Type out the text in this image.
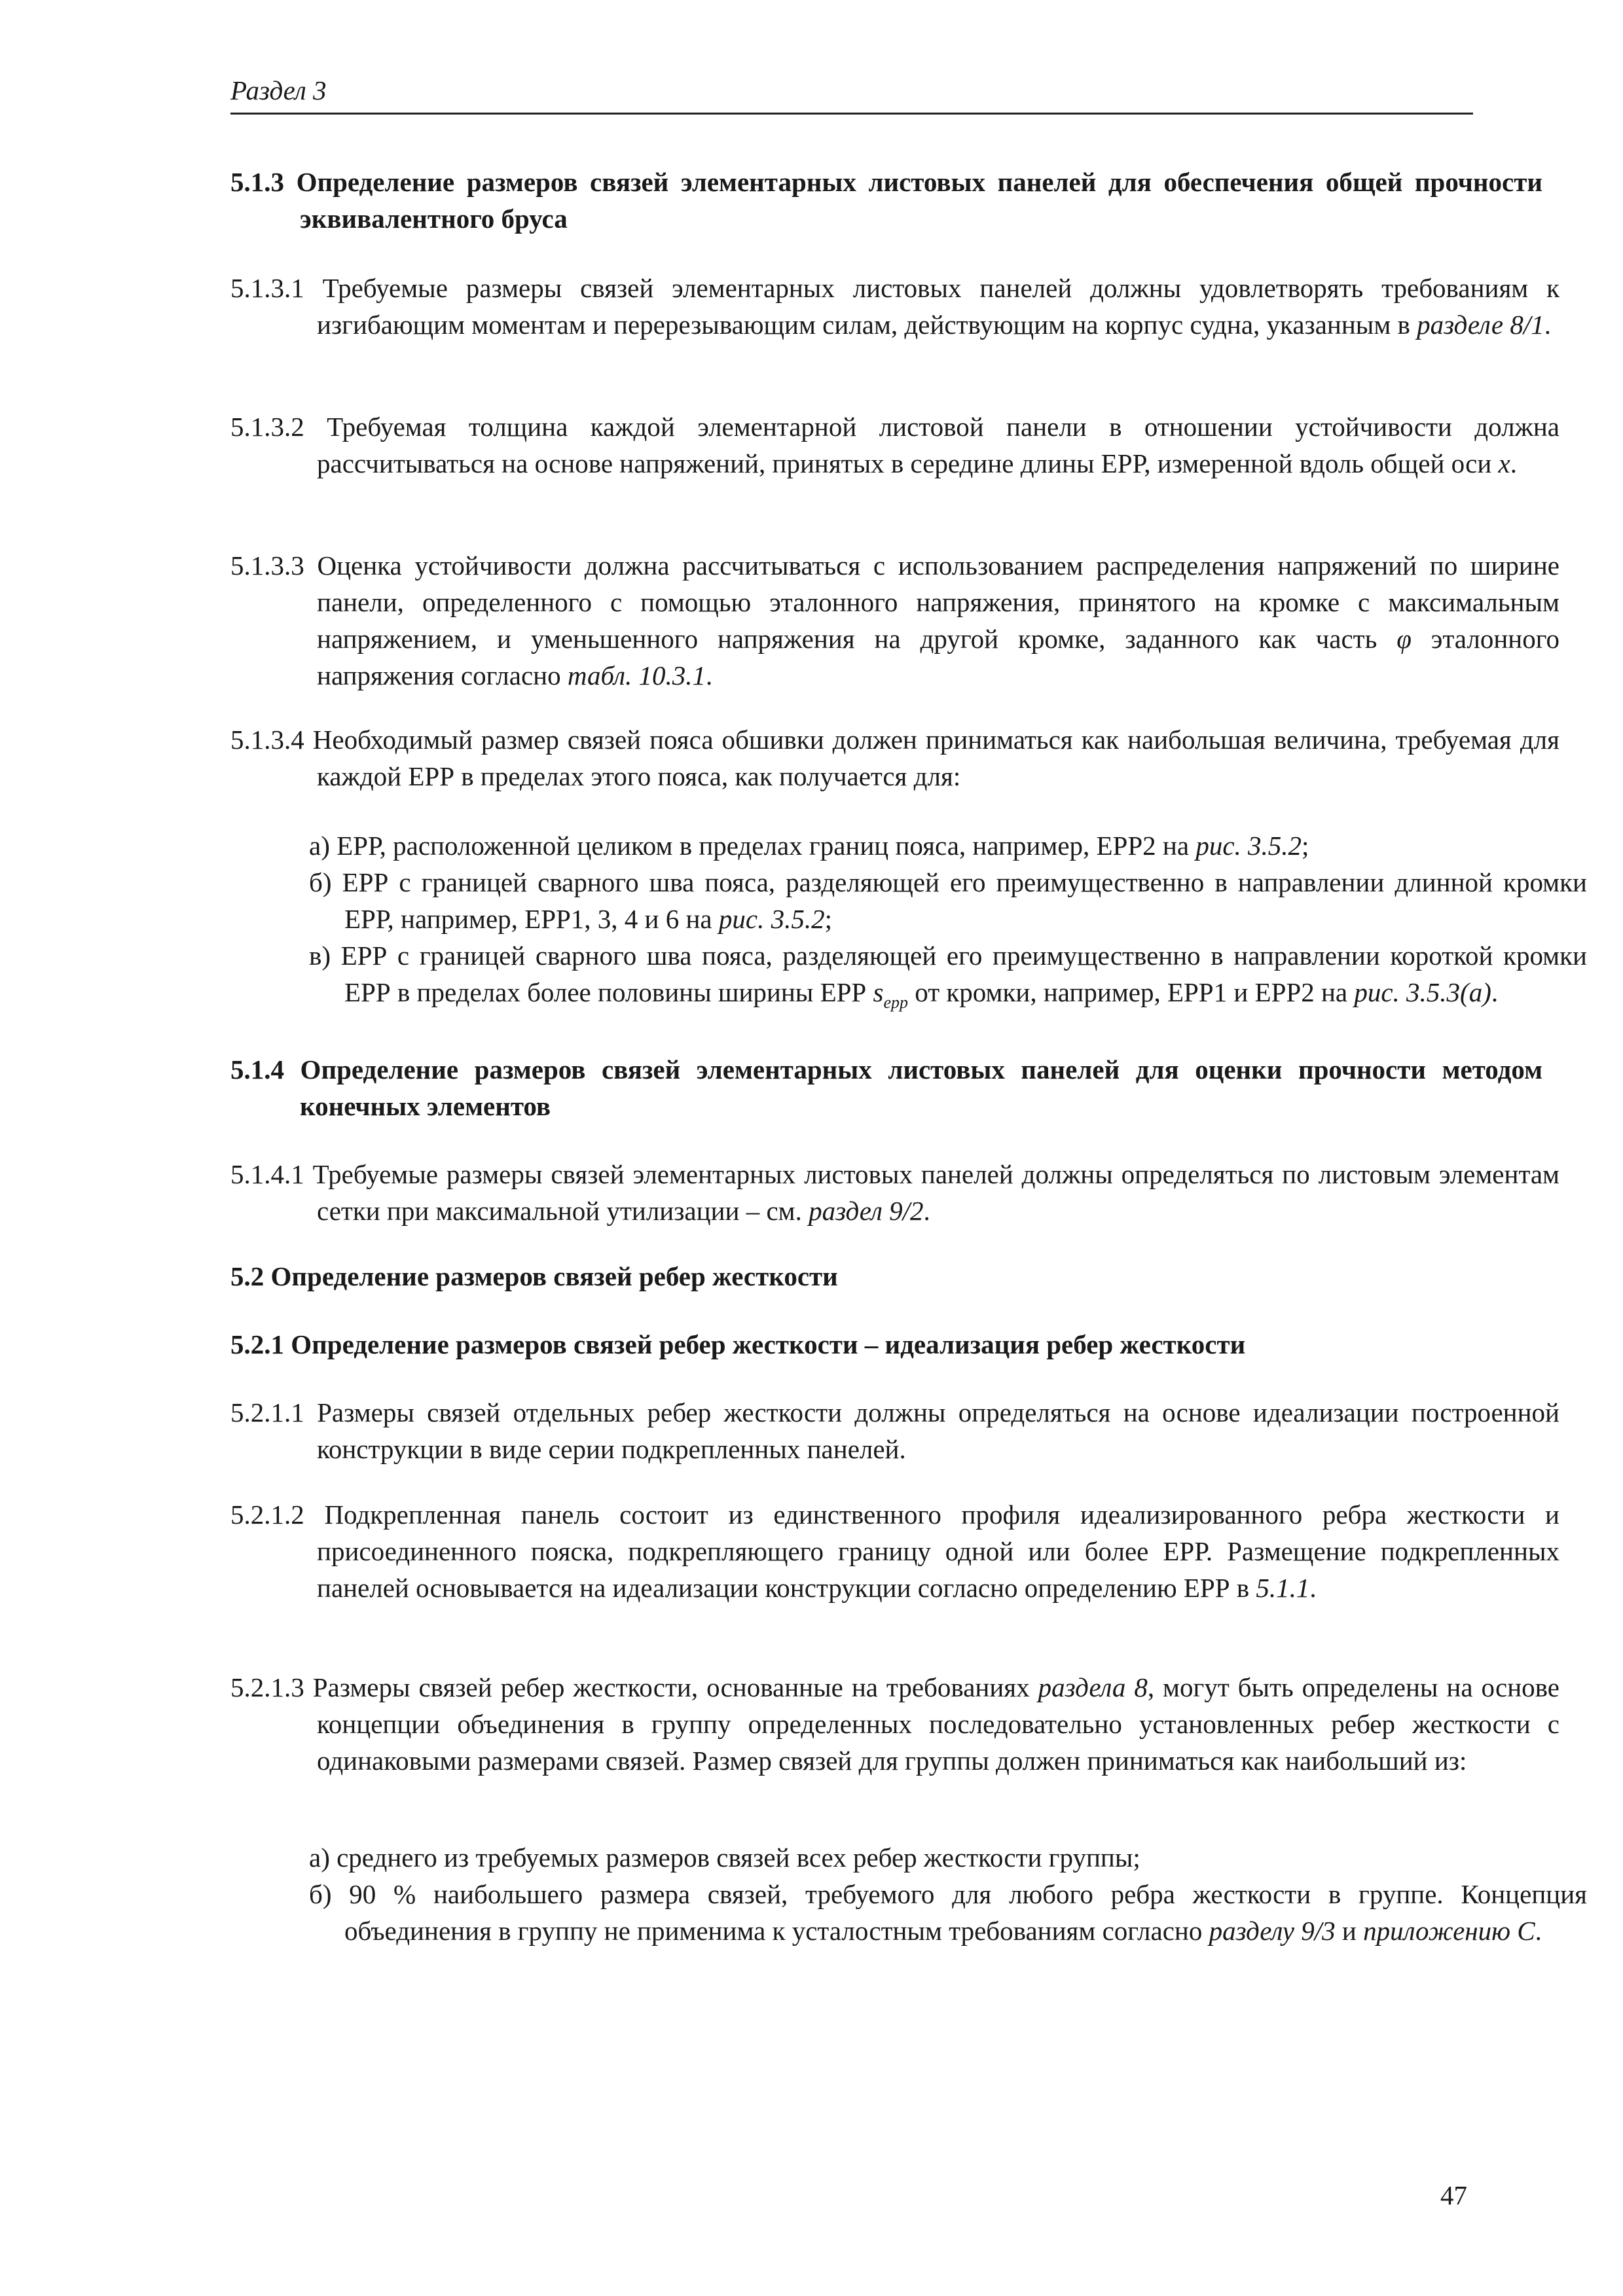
Раздел 3
5.1.3 Определение размеров связей элементарных листовых панелей для обеспечения общей прочности эквивалентного бруса
5.1.3.1 Требуемые размеры связей элементарных листовых панелей должны удовлетворять требованиям к изгибающим моментам и перерезывающим силам, действующим на корпус судна, указанным в разделе 8/1.
5.1.3.2 Требуемая толщина каждой элементарной листовой панели в отношении устойчивости должна рассчитываться на основе напряжений, принятых в середине длины ЕРР, измеренной вдоль общей оси x.
5.1.3.3 Оценка устойчивости должна рассчитываться с использованием распределения напряжений по ширине панели, определенного с помощью эталонного напряжения, принятого на кромке с максимальным напряжением, и уменьшенного напряжения на другой кромке, заданного как часть φ эталонного напряжения согласно табл. 10.3.1.
5.1.3.4 Необходимый размер связей пояса обшивки должен приниматься как наибольшая величина, требуемая для каждой ЕРР в пределах этого пояса, как получается для:
а) ЕРР, расположенной целиком в пределах границ пояса, например, ЕРР2 на рис. 3.5.2;
б) ЕРР с границей сварного шва пояса, разделяющей его преимущественно в направлении длинной кромки ЕРР, например, ЕРР1, 3, 4 и 6 на рис. 3.5.2;
в) ЕРР с границей сварного шва пояса, разделяющей его преимущественно в направлении короткой кромки ЕРР в пределах более половины ширины ЕРР $s_{epp}$ от кромки, например, ЕРР1 и ЕРР2 на рис. 3.5.3(a).
5.1.4 Определение размеров связей элементарных листовых панелей для оценки прочности методом конечных элементов
5.1.4.1 Требуемые размеры связей элементарных листовых панелей должны определяться по листовым элементам сетки при максимальной утилизации – см. раздел 9/2.
5.2 Определение размеров связей ребер жесткости
5.2.1 Определение размеров связей ребер жесткости – идеализация ребер жесткости
5.2.1.1 Размеры связей отдельных ребер жесткости должны определяться на основе идеализации построенной конструкции в виде серии подкрепленных панелей.
5.2.1.2 Подкрепленная панель состоит из единственного профиля идеализированного ребра жесткости и присоединенного пояска, подкрепляющего границу одной или более ЕРР. Размещение подкрепленных панелей основывается на идеализации конструкции согласно определению ЕРР в 5.1.1.
5.2.1.3 Размеры связей ребер жесткости, основанные на требованиях раздела 8, могут быть определены на основе концепции объединения в группу определенных последовательно установленных ребер жесткости с одинаковыми размерами связей. Размер связей для группы должен приниматься как наибольший из:
а) среднего из требуемых размеров связей всех ребер жесткости группы;
б) 90 % наибольшего размера связей, требуемого для любого ребра жесткости в группе. Концепция объединения в группу не применима к усталостным требованиям согласно разделу 9/3 и приложению С.
47
